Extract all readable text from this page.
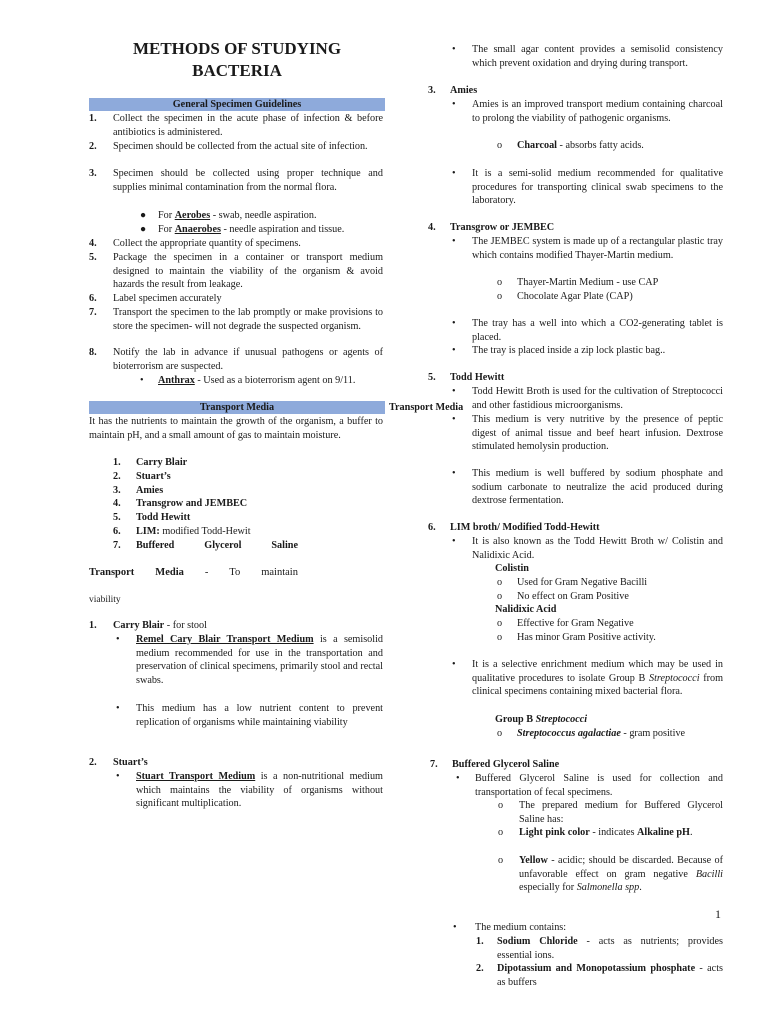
METHODS OF STUDYING
BACTERIA
General Specimen Guidelines
1. Collect the specimen in the acute phase of infection & before antibiotics is administered.
2. Specimen should be collected from the actual site of infection.
3. Specimen should be collected using proper technique and supplies minimal contamination from the normal flora.
● For Aerobes - swab, needle aspiration.
● For Anaerobes - needle aspiration and tissue.
4. Collect the appropriate quantity of specimens.
5. Package the specimen in a container or transport medium designed to maintain the viability of the organism & avoid hazards the result from leakage.
6. Label specimen accurately
7. Transport the specimen to the lab promptly or make provisions to store the specimen- will not degrade the suspected organism.
8. Notify the lab in advance if unusual pathogens or agents of bioterrorism are suspected.
• Anthrax - Used as a bioterrorism agent on 9/11.
Transport Media	Transport Media
It has the nutrients to maintain the growth of the organism, a buffer to maintain pH, and a small amount of gas to maintain moisture.
1. Carry Blair
2. Stuart’s
3. Amies
4. Transgrow and JEMBEC
5. Todd Hewitt
6. LIM: modified Todd-Hewit
7. Buffered	Glycerol	Saline
Transport Media - To maintain
viability
1. Carry Blair - for stool
• Remel Cary Blair Transport Medium is a semisolid medium recommended for use in the transportation and preservation of clinical specimens, primarily stool and rectal swabs.
• This medium has a low nutrient content to prevent replication of organisms while maintaining viability
2. Stuart’s
• Stuart Transport Medium is a non-nutritional medium which maintains the viability of organisms without significant multiplication.
• The small agar content provides a semisolid consistency which prevent oxidation and drying during transport.
3. Amies
• Amies is an improved transport medium containing charcoal to prolong the viability of pathogenic organisms.
o Charcoal - absorbs fatty acids.
• It is a semi-solid medium recommended for qualitative procedures for transporting clinical swab specimens to the laboratory.
4. Transgrow or JEMBEC
• The JEMBEC system is made up of a rectangular plastic tray which contains modified Thayer-Martin medium.
o Thayer-Martin Medium - use CAP
o Chocolate Agar Plate (CAP)
• The tray has a well into which a CO2-generating tablet is placed.
• The tray is placed inside a zip lock plastic bag..
5. Todd Hewitt
• Todd Hewitt Broth is used for the cultivation of Streptococci and other fastidious microorganisms.
• This medium is very nutritive by the presence of peptic digest of animal tissue and beef heart infusion. Dextrose stimulated hemolysin production.
• This medium is well buffered by sodium phosphate and sodium carbonate to neutralize the acid produced during dextrose fermentation.
6. LIM broth/ Modified Todd-Hewitt
• It is also known as the Todd Hewitt Broth w/ Colistin and Nalidixic Acid.
Colistin
o Used for Gram Negative Bacilli
o No effect on Gram Positive
Nalidixic Acid
o Effective for Gram Negative
o Has minor Gram Positive activity.
• It is a selective enrichment medium which may be used in qualitative procedures to isolate Group B Streptococci from clinical specimens containing mixed bacterial flora.
Group B Streptococci
o Streptococcus agalactiae - gram positive
7. Buffered Glycerol Saline
• Buffered Glycerol Saline is used for collection and transportation of fecal specimens.
o The prepared medium for Buffered Glycerol Saline has:
o Light pink color - indicates Alkaline pH.
o Yellow - acidic; should be discarded. Because of unfavorable effect on gram negative Bacilli especially for Salmonella spp.
1
• The medium contains:
1. Sodium Chloride - acts as nutrients; provides essential ions.
2. Dipotassium and Monopotassium phosphate - acts as buffers
